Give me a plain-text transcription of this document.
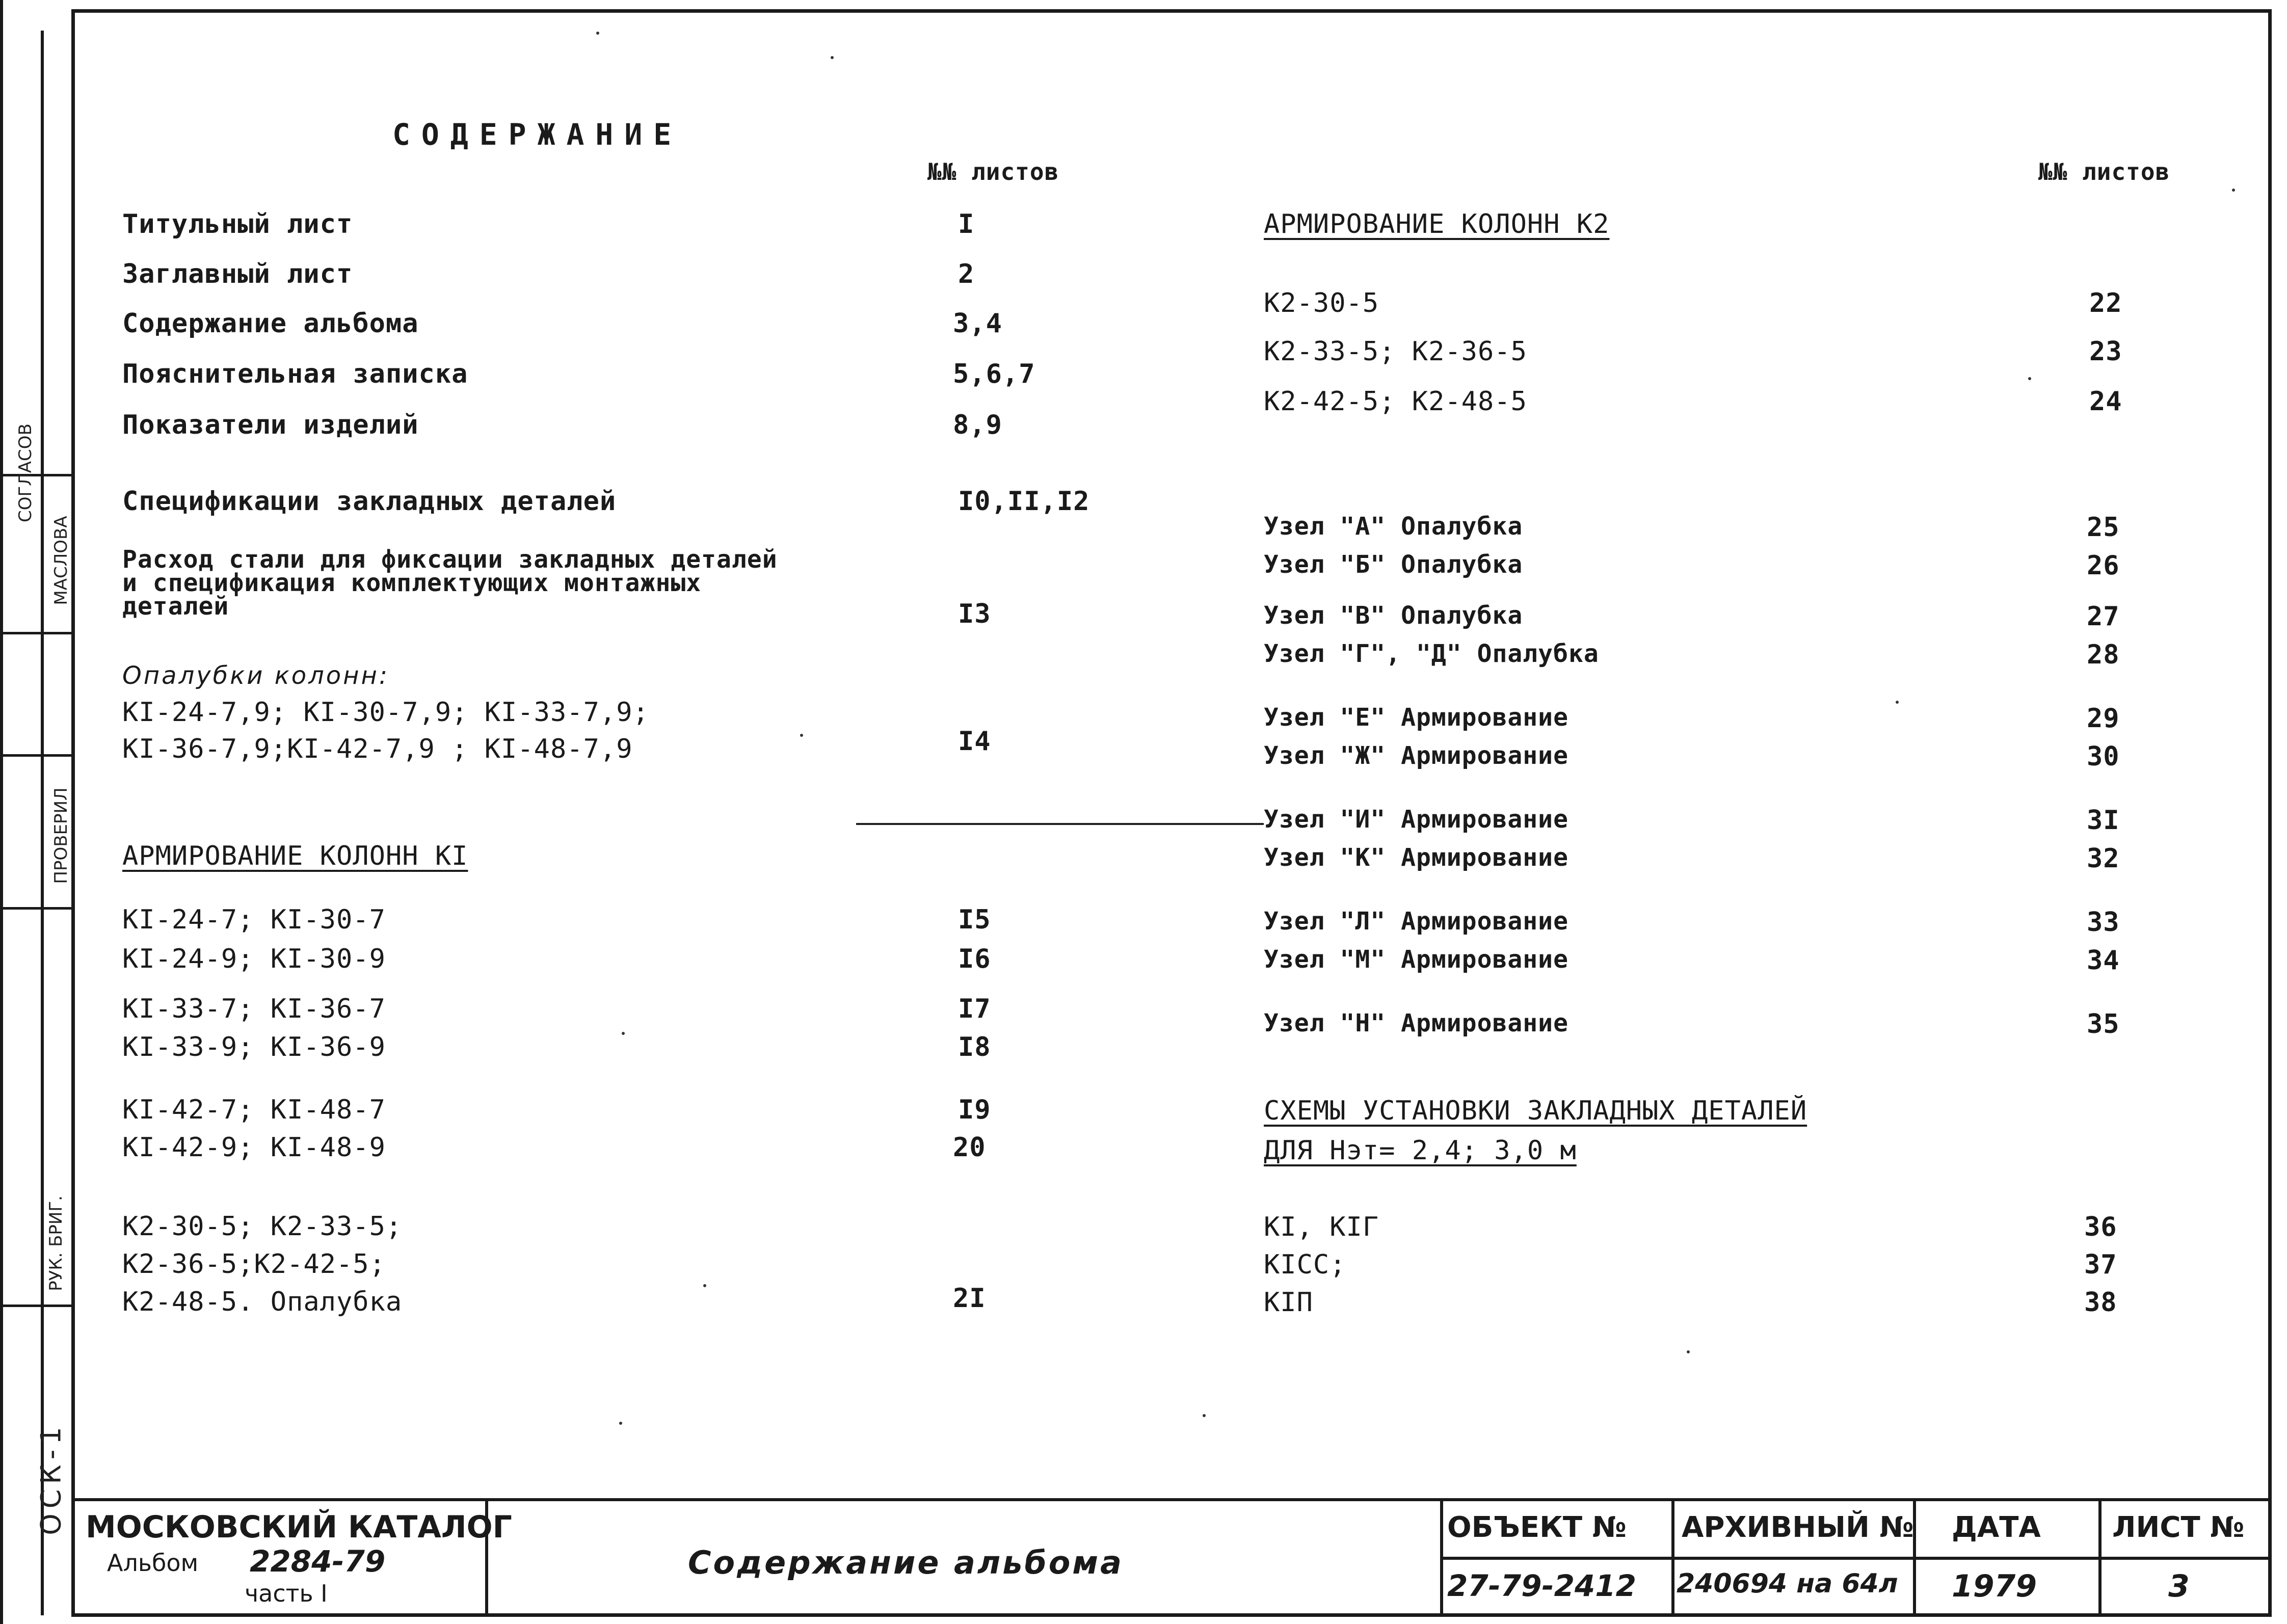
СОГЛАСОВ
МАСЛОВА
ПРОВЕРИЛ
РУК. БРИГ.
ОСК-1
СОДЕРЖАНИЕ
№№ листов	№№ листов
Титульный лист	I
Заглавный лист	2
Содержание альбома	3,4
Пояснительная записка	5,6,7
Показатели изделий	8,9
Спецификации закладных деталей	I0,II,I2
Расход стали для фиксации закладных деталей
и спецификация комплектующих монтажных
деталей	I3
Опалубки колонн:
КI-24-7,9; КI-30-7,9; КI-33-7,9;
КI-36-7,9;КI-42-7,9 ; КI-48-7,9	I4
АРМИРОВАНИЕ КОЛОНН КI
КI-24-7; КI-30-7	I5
КI-24-9; КI-30-9	I6
КI-33-7; КI-36-7	I7
КI-33-9; КI-36-9	I8
КI-42-7; КI-48-7	I9
КI-42-9; КI-48-9	20
К2-30-5; К2-33-5;
К2-36-5;К2-42-5;
К2-48-5. Опалубка	2I
АРМИРОВАНИЕ КОЛОНН К2
К2-30-5	22
К2-33-5; К2-36-5	23
К2-42-5; К2-48-5	24
Узел "А" Опалубка	25
Узел "Б" Опалубка	26
Узел "В" Опалубка	27
Узел "Г", "Д" Опалубка	28
Узел "Е" Армирование	29
Узел "Ж" Армирование	30
Узел "И" Армирование	3I
Узел "К" Армирование	32
Узел "Л" Армирование	33
Узел "М" Армирование	34
Узел "Н" Армирование	35
СХЕМЫ УСТАНОВКИ ЗАКЛАДНЫХ ДЕТАЛЕЙ
ДЛЯ Нэт= 2,4; 3,0 м
КI, КIГ	36
КIСС;	37
КIП	38
МОСКОВСКИЙ КАТАЛОГ
Альбом 2284-79
часть I
Содержание альбома
ОБЪЕКТ №
27-79-2412
АРХИВНЫЙ №
240694 на 64л
ДАТА
1979
ЛИСТ №
3
